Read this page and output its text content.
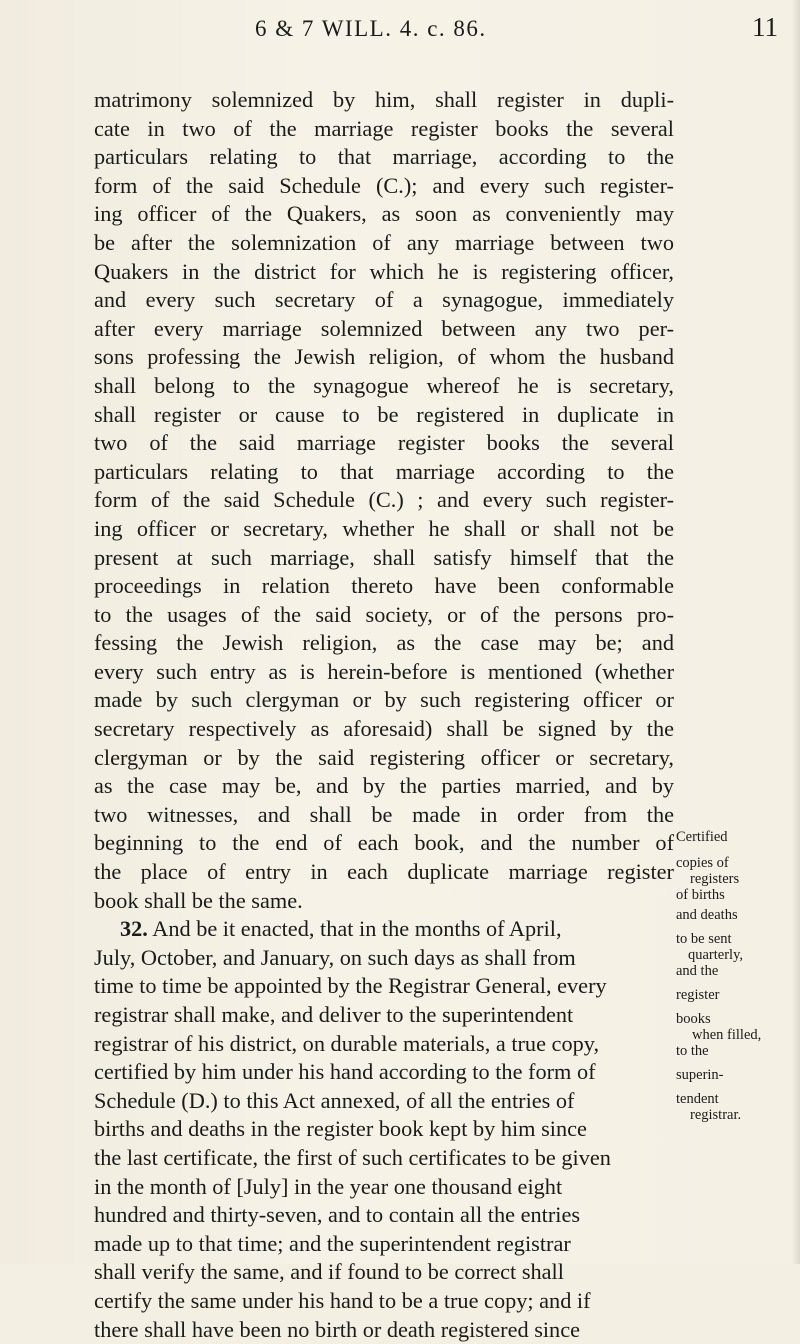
6 & 7 WILL. 4. c. 86.	11
matrimony solemnized by him, shall register in dupli-
cate in two of the marriage register books the several
particulars relating to that marriage, according to the
form of the said Schedule (C.); and every such register-
ing officer of the Quakers, as soon as conveniently may
be after the solemnization of any marriage between two
Quakers in the district for which he is registering officer,
and every such secretary of a synagogue, immediately
after every marriage solemnized between any two per-
sons professing the Jewish religion, of whom the husband
shall belong to the synagogue whereof he is secretary,
shall register or cause to be registered in duplicate in
two of the said marriage register books the several
particulars relating to that marriage according to the
form of the said Schedule (C.) ; and every such register-
ing officer or secretary, whether he shall or shall not be
present at such marriage, shall satisfy himself that the
proceedings in relation thereto have been conformable
to the usages of the said society, or of the persons pro-
fessing the Jewish religion, as the case may be; and
every such entry as is herein-before is mentioned (whether
made by such clergyman or by such registering officer or
secretary respectively as aforesaid) shall be signed by the
clergyman or by the said registering officer or secretary,
as the case may be, and by the parties married, and by
two witnesses, and shall be made in order from the
beginning to the end of each book, and the number of
the place of entry in each duplicate marriage register
book shall be the same.
32. And be it enacted, that in the months of April,
July, October, and January, on such days as shall from
time to time be appointed by the Registrar General, every
registrar shall make, and deliver to the superintendent
registrar of his district, on durable materials, a true copy,
certified by him under his hand according to the form of
Schedule (D.) to this Act annexed, of all the entries of
births and deaths in the register book kept by him since
the last certificate, the first of such certificates to be given
in the month of [July] in the year one thousand eight
hundred and thirty-seven, and to contain all the entries
made up to that time; and the superintendent registrar
shall verify the same, and if found to be correct shall
certify the same under his hand to be a true copy; and if
there shall have been no birth or death registered since
Certified
copies of
registers
of births
and deaths
to be sent
quarterly,
and the
register
books
when filled,
to the
superin-
tendent
registrar.
